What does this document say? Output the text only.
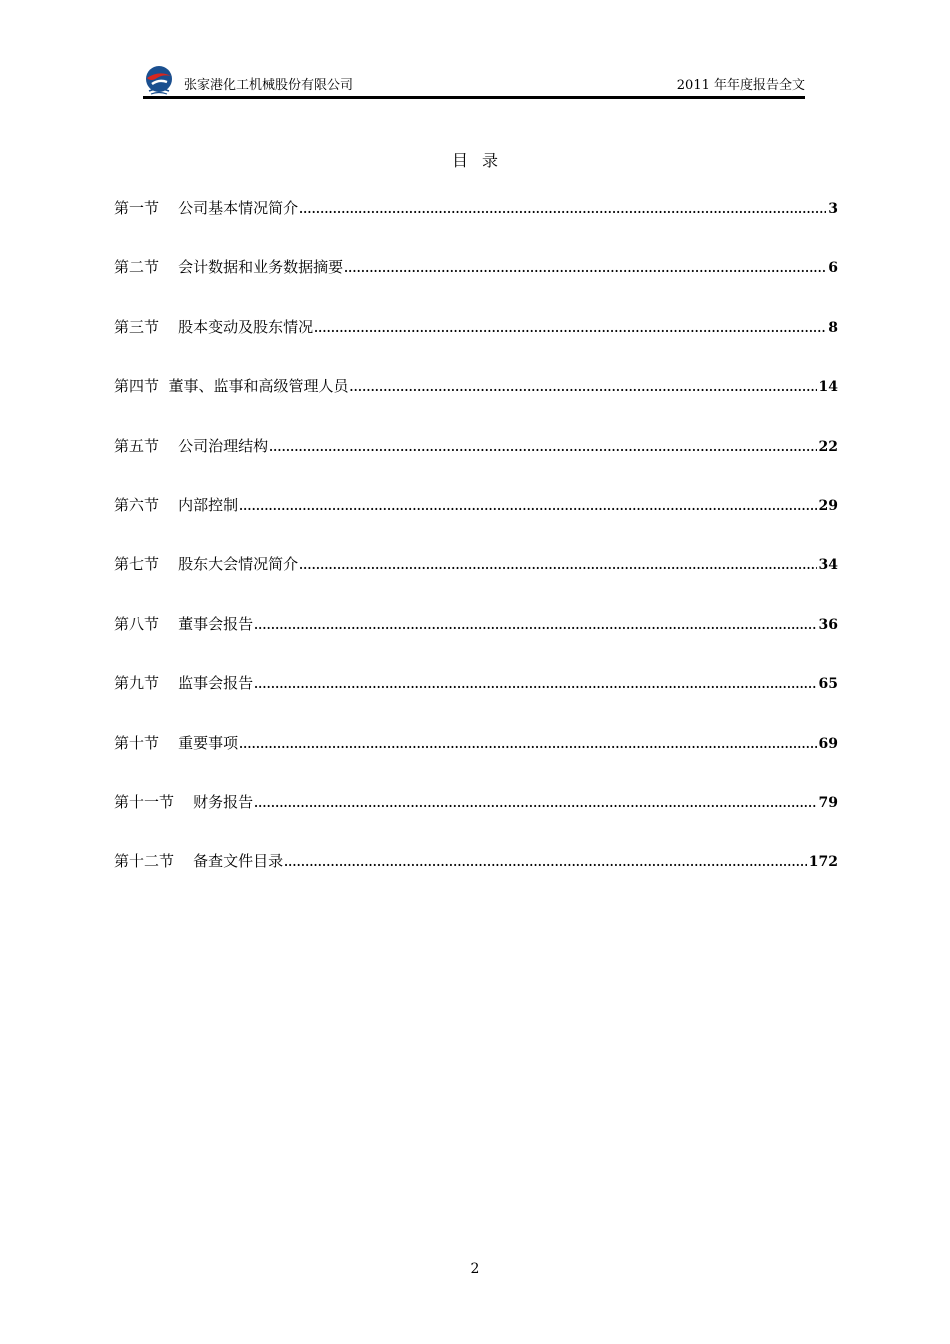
张家港化工机械股份有限公司	2011 年年度报告全文
目录
第一节    公司基本情况简介 .....	3
第二节    会计数据和业务数据摘要 .....	6
第三节    股本变动及股东情况 .....	8
第四节  董事、监事和高级管理人员 .....	14
第五节    公司治理结构 .....	22
第六节    内部控制 .....	29
第七节    股东大会情况简介 .....	34
第八节    董事会报告 .....	36
第九节    监事会报告 .....	65
第十节    重要事项 .....	69
第十一节    财务报告 .....	79
第十二节    备查文件目录 .....	172
2
